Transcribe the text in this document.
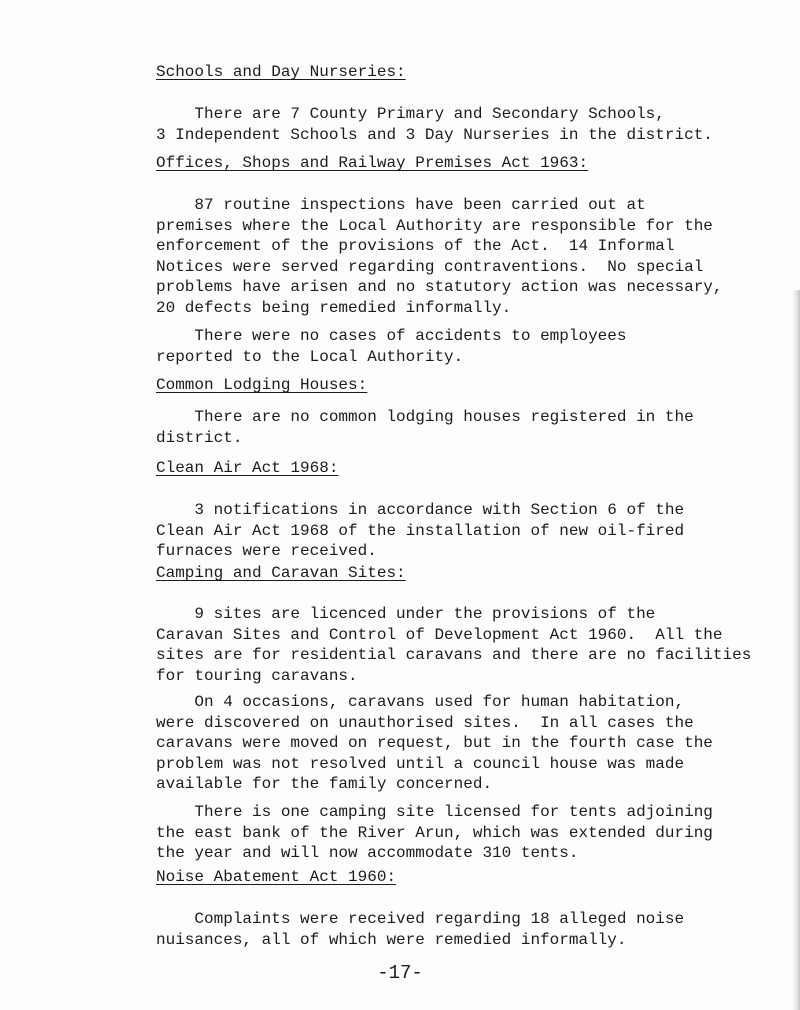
Schools and Day Nurseries:

There are 7 County Primary and Secondary Schools,
3 Independent Schools and 3 Day Nurseries in the district.

Offices, Shops and Railway Premises Act 1963:

87 routine inspections have been carried out at
premises where the Local Authority are responsible for the
enforcement of the provisions of the Act.  14 Informal
Notices were served regarding contraventions.  No special
problems have arisen and no statutory action was necessary,
20 defects being remedied informally.

There were no cases of accidents to employees
reported to the Local Authority.

Common Lodging Houses:

There are no common lodging houses registered in the
district.

Clean Air Act 1968:

3 notifications in accordance with Section 6 of the
Clean Air Act 1968 of the installation of new oil-fired
furnaces were received.

Camping and Caravan Sites:

9 sites are licenced under the provisions of the
Caravan Sites and Control of Development Act 1960.  All the
sites are for residential caravans and there are no facilities
for touring caravans.

On 4 occasions, caravans used for human habitation,
were discovered on unauthorised sites.  In all cases the
caravans were moved on request, but in the fourth case the
problem was not resolved until a council house was made
available for the family concerned.

There is one camping site licensed for tents adjoining
the east bank of the River Arun, which was extended during
the year and will now accommodate 310 tents.

Noise Abatement Act 1960:

Complaints were received regarding 18 alleged noise
nuisances, all of which were remedied informally.

-17-
